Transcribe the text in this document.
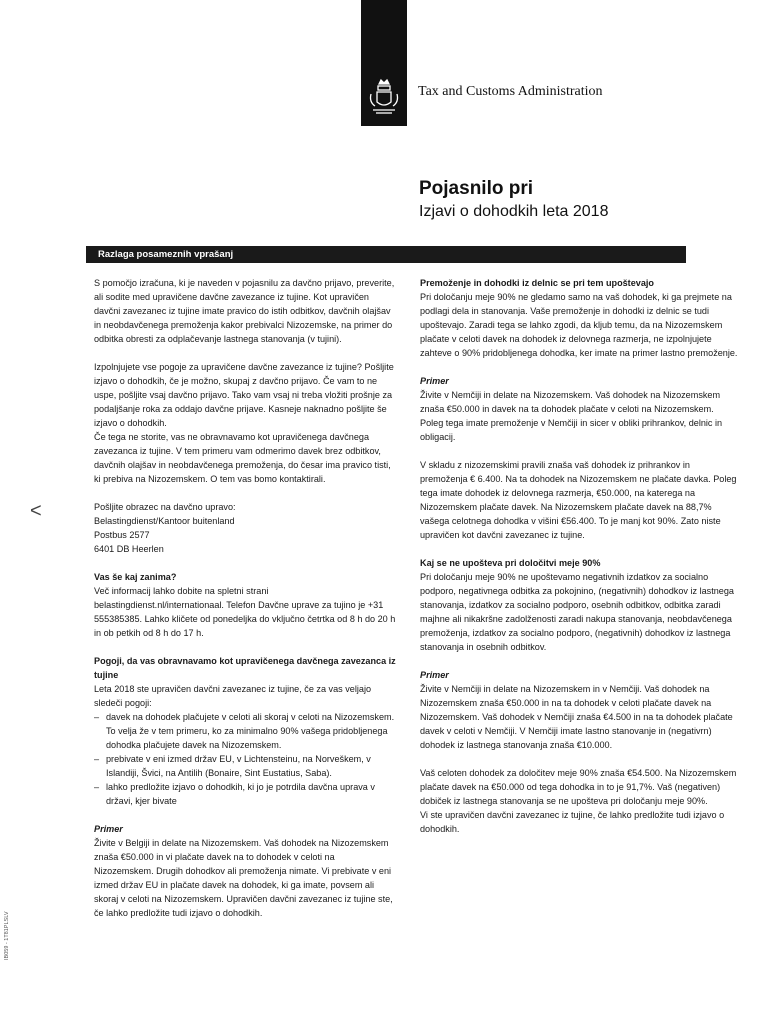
Tax and Customs Administration
Pojasnilo pri
Izjavi o dohodkih leta 2018
Razlaga posameznih vprašanj
<

S pomočjo izračuna, ki je naveden v pojasnilu za davčno prijavo, preverite, ali sodite med upravičene davčne zavezance iz tujine. Kot upravičen davčni zavezanec iz tujine imate pravico do istih odbitkov, davčnih olajšav in neobdavčenega premoženja kakor prebivalci Nizozemske, na primer do odbitka obresti za odplačevanje lastnega stanovanja (v tujini).

Izpolnjujete vse pogoje za upravičene davčne zavezance iz tujine? Pošljite izjavo o dohodkih, če je možno, skupaj z davčno prijavo. Če vam to ne uspe, pošljite vsaj davčno prijavo. Tako vam vsaj ni treba vložiti prošnje za podaljšanje roka za oddajo davčne prijave. Kasneje naknadno pošljite še izjavo o dohodkih.

Če tega ne storite, vas ne obravnavamo kot upravičenega davčnega zavezanca iz tujine. V tem primeru vam odmerimo davek brez odbitkov, davčnih olajšav in neobdavčenega premoženja, do česar ima pravico tisti, ki prebiva na Nizozemskem. O tem vas bomo kontaktirali.

Pošljite obrazec na davčno upravo:

Belastingdienst/Kantoor buitenland
Postbus 2577
6401 DB Heerlen

Vas še kaj zanima?

Več informacij lahko dobite na spletni strani belastingdienst.nl/internationaal. Telefon Davčne uprave za tujino je +31 555385385. Lahko kličete od ponedeljka do vključno četrtka od 8 h do 20 h in ob petkih od 8 h do 17 h.

Pogoji, da vas obravnavamo kot upravičenega davčnega zavezanca iz tujine

Leta 2018 ste upravičen davčni zavezanec iz tujine, če za vas veljajo sledeči pogoji:

– davek na dohodek plačujete v celoti ali skoraj v celoti na Nizozemskem. To velja že v tem primeru, ko za minimalno 90% vašega pridobljenega dohodka plačujete davek na Nizozemskem.
– prebivate v eni izmed držav EU, v Lichtensteinu, na Norveškem, v Islandiji, Švici, na Antilih (Bonaire, Sint Eustatius, Saba).
– lahko predložite izjavo o dohodkih, ki jo je potrdila davčna uprava v državi, kjer bivate

Primer

Živite v Belgiji in delate na Nizozemskem. Vaš dohodek na Nizozemskem znaša €50.000 in vi plačate davek na to dohodek v celoti na Nizozemskem. Drugih dohodkov ali premoženja nimate. Vi prebivate v eni izmed držav EU in plačate davek na dohodek, ki ga imate, povsem ali skoraj v celoti na Nizozemskem. Upravičen davčni zavezanec iz tujine ste, če lahko predložite tudi izjavo o dohodkih.

Premoženje in dohodki iz delnic se pri tem upoštevajo

Pri določanju meje 90% ne gledamo samo na vaš dohodek, ki ga prejmete na podlagi dela in stanovanja. Vaše premoženje in dohodki iz delnic se tudi upoštevajo. Zaradi tega se lahko zgodi, da kljub temu, da na Nizozemskem plačate v celoti davek na dohodek iz delovnega razmerja, ne izpolnjujete zahteve o 90% pridobljenega dohodka, ker imate na primer lastno premoženje.

Primer

Živite v Nemčiji in delate na Nizozemskem. Vaš dohodek na Nizozemskem znaša €50.000 in davek na ta dohodek plačate v celoti na Nizozemskem. Poleg tega imate premoženje v Nemčiji in sicer v obliki prihrankov, delnic in obligacij.

V skladu z nizozemskimi pravili znaša vaš dohodek iz prihrankov in premoženja € 6.400. Na ta dohodek na Nizozemskem ne plačate davka. Poleg tega imate dohodek iz delovnega razmerja, €50.000, na katerega na Nizozemskem plačate davek. Na Nizozemskem plačate davek na 88,7% vašega celotnega dohodka v višini €56.400. To je manj kot 90%. Zato niste upravičen kot davčni zavezanec iz tujine.

Kaj se ne upošteva pri določitvi meje 90%

Pri določanju meje 90% ne upoštevamo negativnih izdatkov za socialno podporo, negativnega odbitka za pokojnino, (negativnih) dohodkov iz lastnega stanovanja, izdatkov za socialno podporo, osebnih odbitkov, odbitka zaradi majhne ali nikakršne zadolženosti zaradi nakupa stanovanja, neobdavčenega premoženja, izdatkov za socialno podporo, (negativnih) dohodkov iz lastnega stanovanja in osebnih odbitkov.

Primer

Živite v Nemčiji in delate na Nizozemskem in v Nemčiji. Vaš dohodek na Nizozemskem znaša €50.000 in na ta dohodek v celoti plačate davek na Nizozemskem. Vaš dohodek v Nemčiji znaša €4.500 in na ta dohodek plačate davek v celoti v Nemčiji. V Nemčiji imate lastno stanovanje in (negativrn) dohodek iz lastnega stanovanja znaša €10.000.

Vaš celoten dohodek za določitev meje 90% znaša €54.500. Na Nizozemskem plačate davek na €50.000 od tega dohodka in to je 91,7%. Vaš (negativen) dobiček iz lastnega stanovanja se ne upošteva pri določanju meje 90%.

Vi ste upravičen davčni zavezanec iz tujine, če lahko predložite tudi izjavo o dohodkih.

IB059 - 1T81PLSLV
